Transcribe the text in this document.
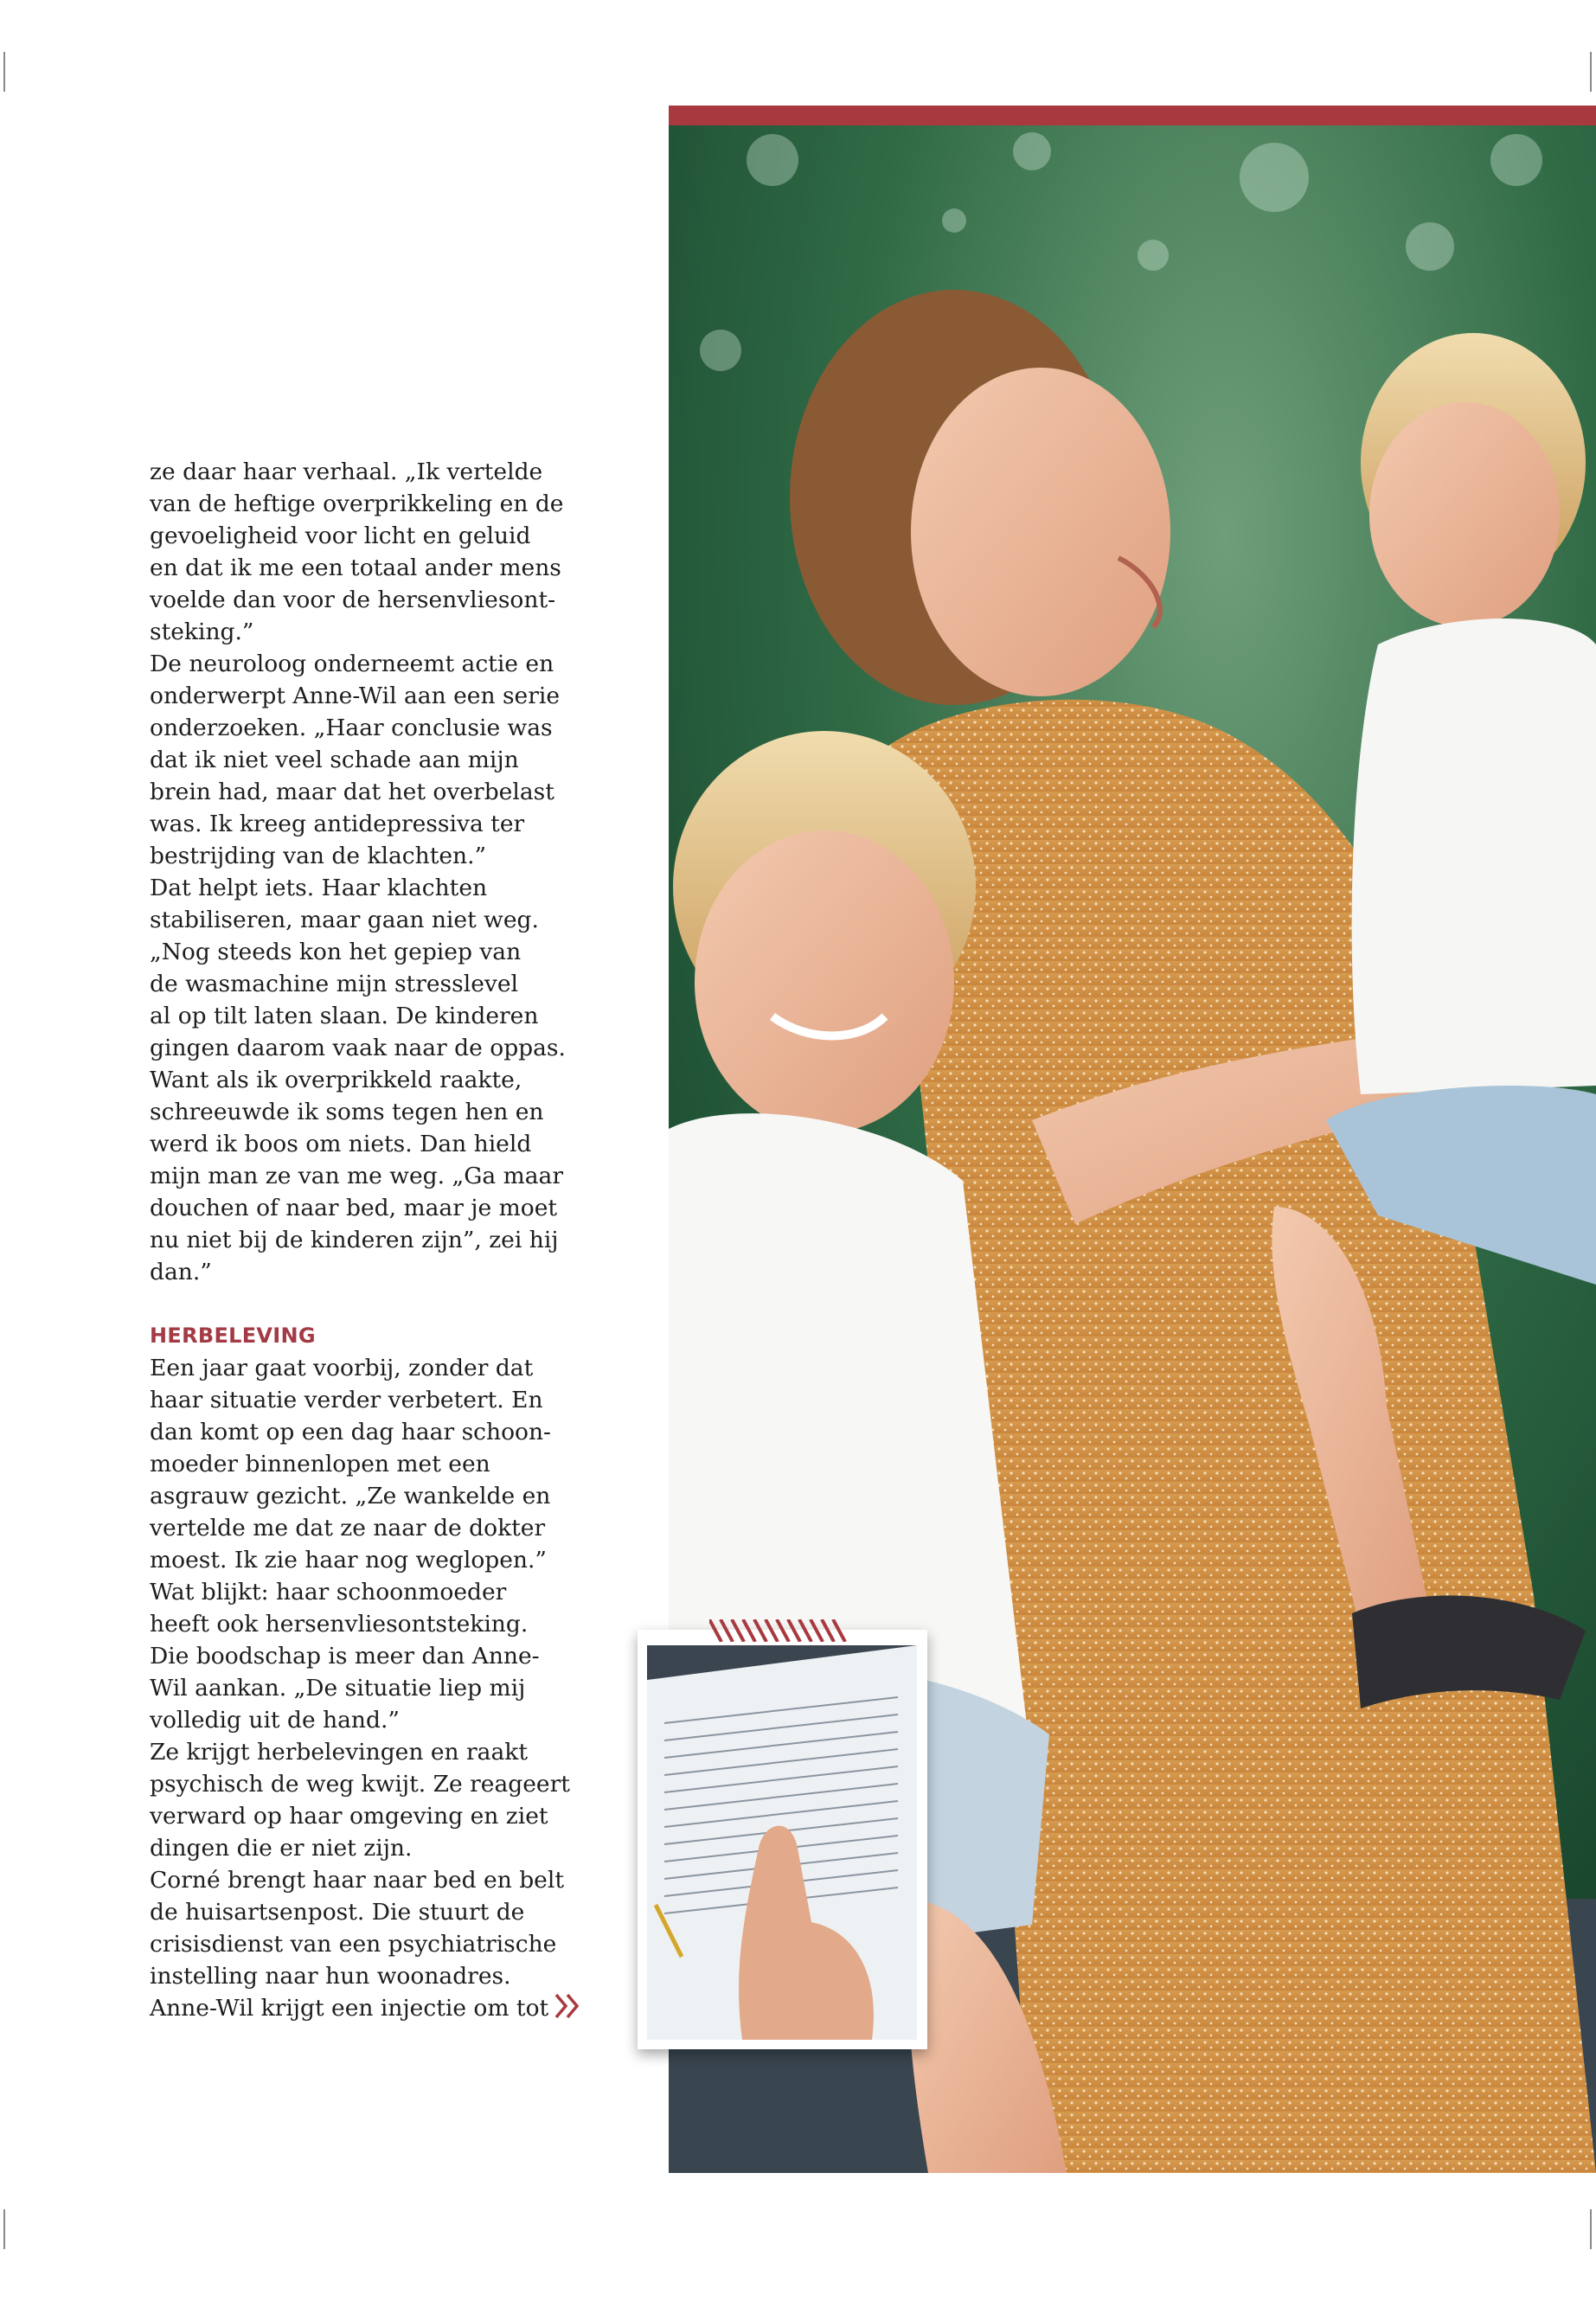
ze daar haar verhaal. „Ik vertelde
van de heftige overprikkeling en de
gevoeligheid voor licht en geluid
en dat ik me een totaal ander mens
voelde dan voor de hersenvliesont-
steking.”
De neuroloog onderneemt actie en
onderwerpt Anne-Wil aan een serie
onderzoeken. „Haar conclusie was
dat ik niet veel schade aan mijn
brein had, maar dat het overbelast
was. Ik kreeg antidepressiva ter
bestrijding van de klachten.”
Dat helpt iets. Haar klachten
stabiliseren, maar gaan niet weg.
„Nog steeds kon het gepiep van
de wasmachine mijn stresslevel
al op tilt laten slaan. De kinderen
gingen daarom vaak naar de oppas.
Want als ik overprikkeld raakte,
schreeuwde ik soms tegen hen en
werd ik boos om niets. Dan hield
mijn man ze van me weg. „Ga maar
douchen of naar bed, maar je moet
nu niet bij de kinderen zijn”, zei hij
dan.”
HERBELEVING
Een jaar gaat voorbij, zonder dat
haar situatie verder verbetert. En
dan komt op een dag haar schoon-
moeder binnenlopen met een
asgrauw gezicht. „Ze wankelde en
vertelde me dat ze naar de dokter
moest. Ik zie haar nog weglopen.”
Wat blijkt: haar schoonmoeder
heeft ook hersenvliesontsteking.
Die boodschap is meer dan Anne-
Wil aankan. „De situatie liep mij
volledig uit de hand.”
Ze krijgt herbelevingen en raakt
psychisch de weg kwijt. Ze reageert
verward op haar omgeving en ziet
dingen die er niet zijn.
Corné brengt haar naar bed en belt
de huisartsenpost. Die stuurt de
crisisdienst van een psychiatrische
instelling naar hun woonadres.
Anne-Wil krijgt een injectie om tot
